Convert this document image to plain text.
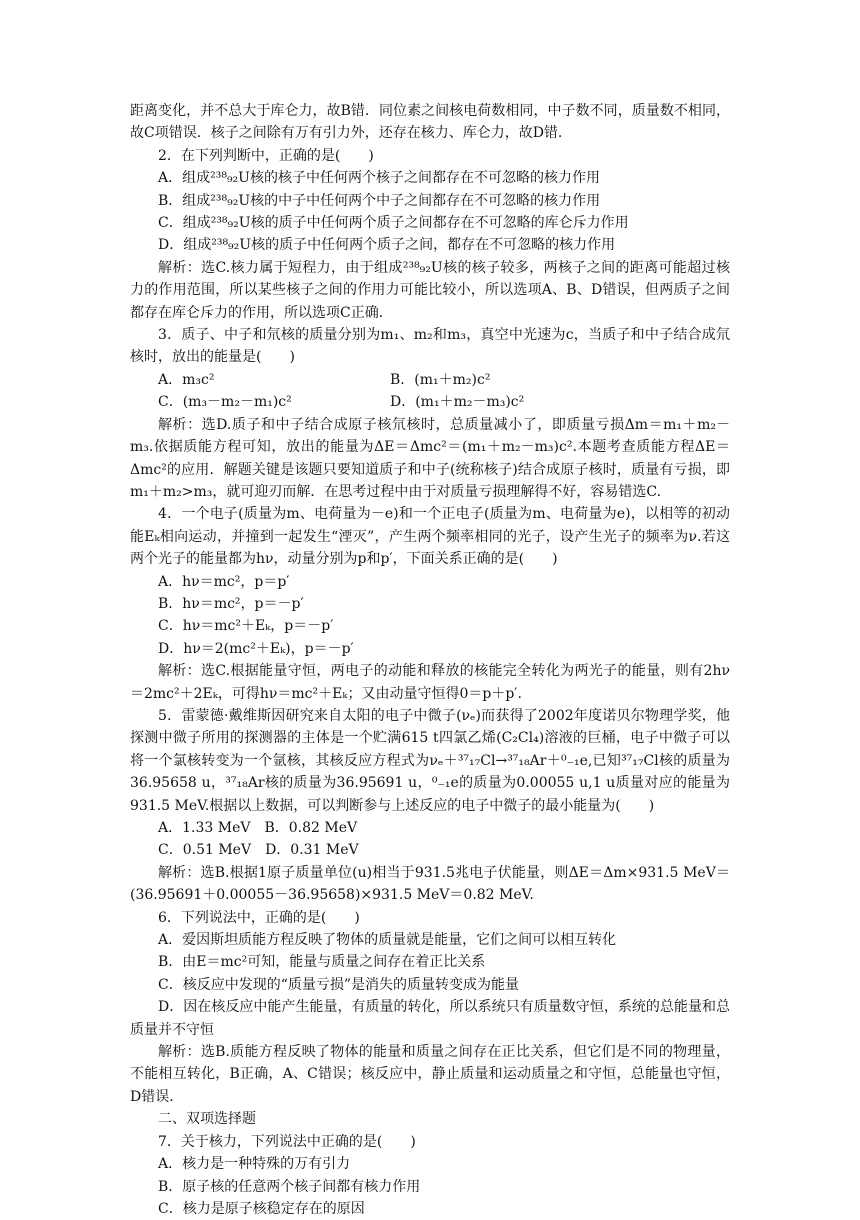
距离变化，并不总大于库仑力，故B错．同位素之间核电荷数相同，中子数不同，质量数不相同，故C项错误．核子之间除有万有引力外，还存在核力、库仑力，故D错．

2．在下列判断中，正确的是(　　)

A．组成²³⁸₉₂U核的核子中任何两个核子之间都存在不可忽略的核力作用

B．组成²³⁸₉₂U核的中子中任何两个中子之间都存在不可忽略的核力作用

C．组成²³⁸₉₂U核的质子中任何两个质子之间都存在不可忽略的库仑斥力作用

D．组成²³⁸₉₂U核的质子中任何两个质子之间，都存在不可忽略的核力作用

解析：选C.核力属于短程力，由于组成²³⁸₉₂U核的核子较多，两核子之间的距离可能超过核力的作用范围，所以某些核子之间的作用力可能比较小，所以选项A、B、D错误，但两质子之间都存在库仑斥力的作用，所以选项C正确．

3．质子、中子和氘核的质量分别为m₁、m₂和m₃，真空中光速为c，当质子和中子结合成氘核时，放出的能量是(　　)

A．m₃c²	B．(m₁＋m₂)c²
C．(m₃－m₂－m₁)c²	D．(m₁＋m₂－m₃)c²

解析：选D.质子和中子结合成原子核氘核时，总质量减小了，即质量亏损Δm＝m₁＋m₂－m₃.依据质能方程可知，放出的能量为ΔE＝Δmc²＝(m₁＋m₂－m₃)c².本题考查质能方程ΔE＝Δmc²的应用．解题关键是该题只要知道质子和中子(统称核子)结合成原子核时，质量有亏损，即m₁＋m₂>m₃，就可迎刃而解．在思考过程中由于对质量亏损理解得不好，容易错选C.

4．一个电子(质量为m、电荷量为－e)和一个正电子(质量为m、电荷量为e)，以相等的初动能Eₖ相向运动，并撞到一起发生“湮灭”，产生两个频率相同的光子，设产生光子的频率为ν.若这两个光子的能量都为hν，动量分别为p和p′，下面关系正确的是(　　)

A．hν＝mc²，p＝p′

B．hν＝mc²，p＝－p′

C．hν＝mc²＋Eₖ，p＝－p′

D．hν＝2(mc²＋Eₖ)，p＝－p′

解析：选C.根据能量守恒，两电子的动能和释放的核能完全转化为两光子的能量，则有2hν＝2mc²＋2Eₖ，可得hν＝mc²＋Eₖ；又由动量守恒得0＝p＋p′.

5．雷蒙德·戴维斯因研究来自太阳的电子中微子(νₑ)而获得了2002年度诺贝尔物理学奖，他探测中微子所用的探测器的主体是一个贮满615 t四氯乙烯(C₂Cl₄)溶液的巨桶，电子中微子可以将一个氯核转变为一个氩核，其核反应方程式为νₑ＋³⁷₁₇Cl→³⁷₁₈Ar＋⁰₋₁e,已知³⁷₁₇Cl核的质量为36.95658 u，³⁷₁₈Ar核的质量为36.95691 u，⁰₋₁e的质量为0.00055 u,1 u质量对应的能量为931.5 MeV.根据以上数据，可以判断参与上述反应的电子中微子的最小能量为(　　)

A．1.33 MeV　B．0.82 MeV

C．0.51 MeV　D．0.31 MeV

解析：选B.根据1原子质量单位(u)相当于931.5兆电子伏能量，则ΔE＝Δm×931.5 MeV＝(36.95691＋0.00055－36.95658)×931.5 MeV＝0.82 MeV.

6．下列说法中，正确的是(　　)

A．爱因斯坦质能方程反映了物体的质量就是能量，它们之间可以相互转化

B．由E＝mc²可知，能量与质量之间存在着正比关系

C．核反应中发现的“质量亏损”是消失的质量转变成为能量

D．因在核反应中能产生能量，有质量的转化，所以系统只有质量数守恒，系统的总能量和总质量并不守恒

解析：选B.质能方程反映了物体的能量和质量之间存在正比关系，但它们是不同的物理量，不能相互转化，B正确，A、C错误；核反应中，静止质量和运动质量之和守恒，总能量也守恒，D错误．

二、双项选择题

7．关于核力，下列说法中正确的是(　　)

A．核力是一种特殊的万有引力

B．原子核的任意两个核子间都有核力作用

C．核力是原子核稳定存在的原因
